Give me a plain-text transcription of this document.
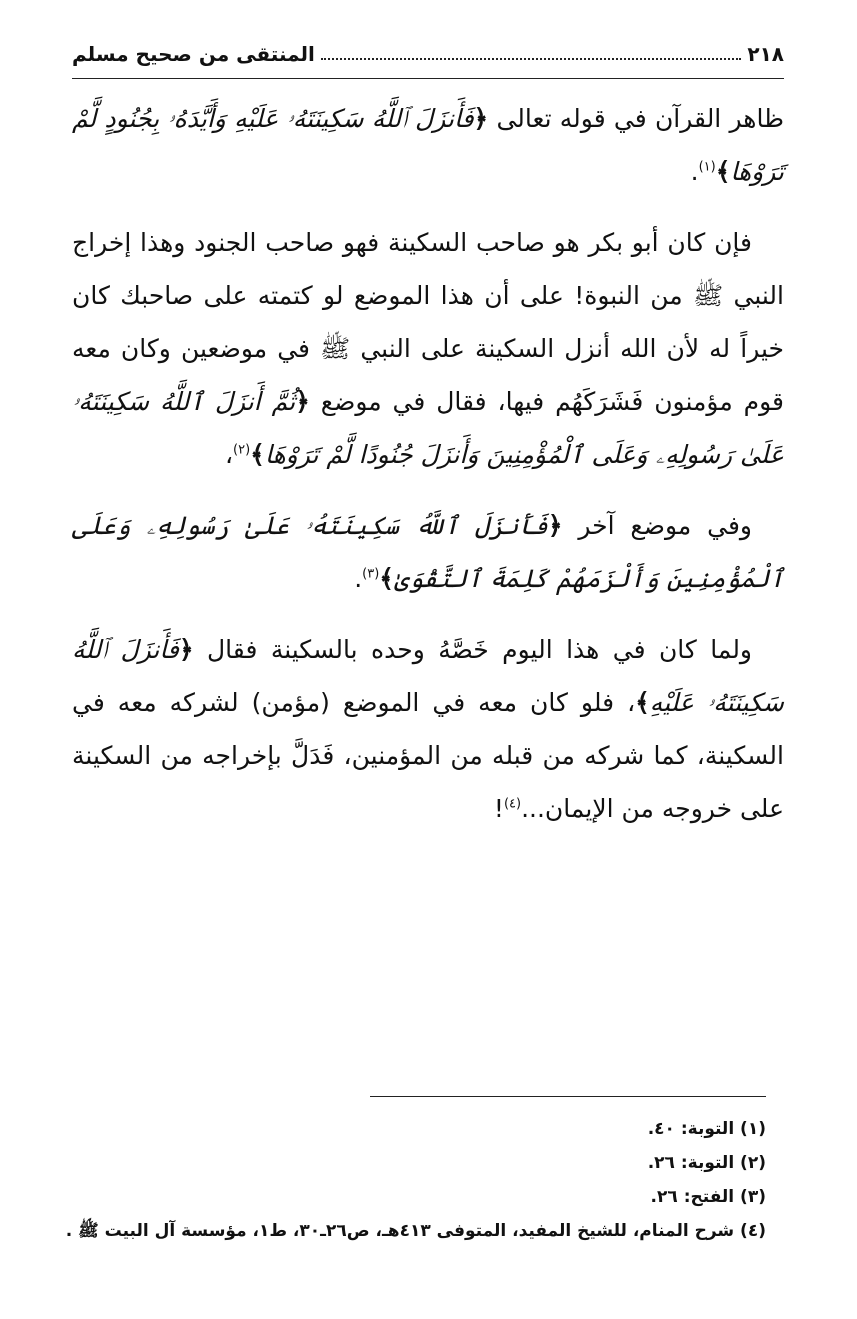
٢١٨
المنتقى من صحيح مسلم

ظاهر القرآن في قوله تعالى ﴿فَأَنزَلَ ٱللَّهُ سَكِينَتَهُۥ عَلَيْهِ وَأَيَّدَهُۥ بِجُنُودٍ لَّمْ تَرَوْهَا﴾$^{(١)}$.

فإن كان أبو بكر هو صاحب السكينة فهو صاحب الجنود وهذا إخراج النبي ﷺ من النبوة! على أن هذا الموضع لو كتمته على صاحبك كان خيراً له لأن الله أنزل السكينة على النبي ﷺ في موضعين وكان معه قوم مؤمنون فَشَرَكَهُم فيها، فقال في موضع ﴿ثُمَّ أَنزَلَ ٱللَّهُ سَكِينَتَهُۥ عَلَىٰ رَسُولِهِۦ وَعَلَى ٱلْمُؤْمِنِينَ وَأَنزَلَ جُنُودًا لَّمْ تَرَوْهَا﴾$^{(٢)}$،

وفي موضع آخر ﴿فَأَنزَلَ ٱللَّهُ سَكِينَتَهُۥ عَلَىٰ رَسُولِهِۦ وَعَلَى ٱلْمُؤْمِنِينَ وَأَلْزَمَهُمْ كَلِمَةَ ٱلتَّقْوَىٰ﴾$^{(٣)}$.

ولما كان في هذا اليوم خَصَّهُ وحده بالسكينة فقال ﴿فَأَنزَلَ ٱللَّهُ سَكِينَتَهُۥ عَلَيْهِ﴾، فلو كان معه في الموضع (مؤمن) لشركه معه في السكينة، كما شركه من قبله من المؤمنين، فَدَلَّ بإخراجه من السكينة على خروجه من الإيمان...$^{(٤)}$!

(١) التوبة: ٤٠.
(٢) التوبة: ٢٦.
(٣) الفتح: ٢٦.
(٤) شرح المنام، للشيخ المفيد، المتوفى ٤١٣هـ، ص٢٦ـ٣٠، ط١، مؤسسة آل البيت ﷺ .
